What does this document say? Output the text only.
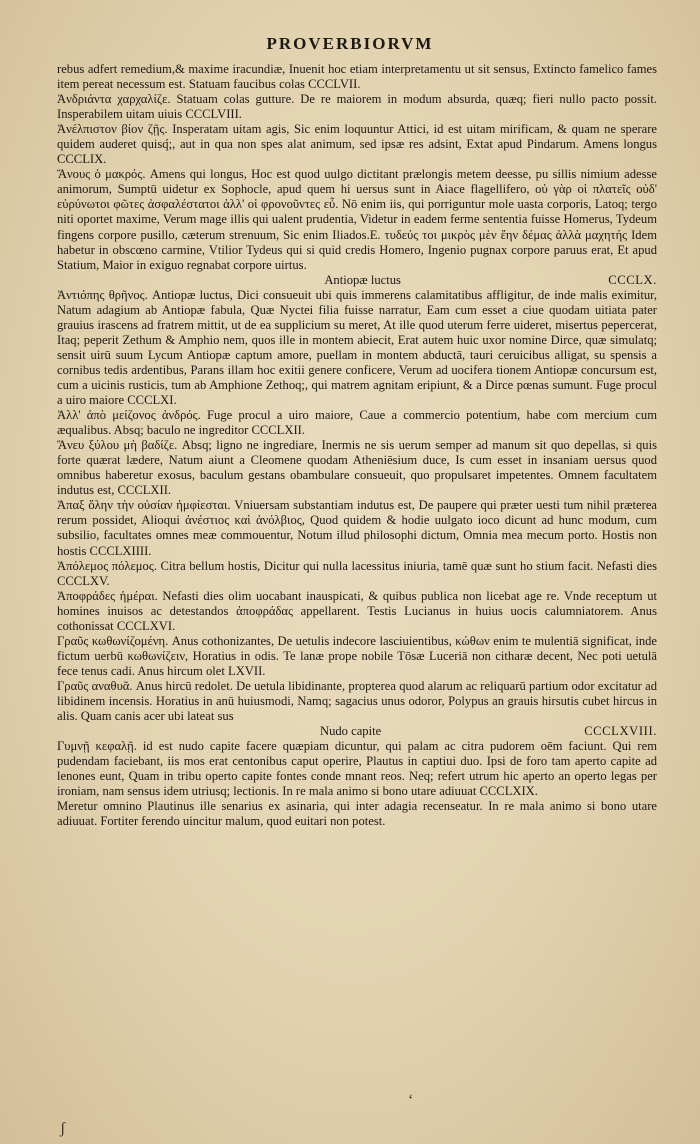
PROVERBIORVM

rebus adfert remedium,& maxime iracundiæ, Inuenit hoc etiam interpretamentu ut sit sensus, Extincto famelico fames item pereat necessum est. Statuam faucibus colas CCCLVII.

Ἀνδριάντα χαρχαλίζε. Statuam colas gutture. De re maiorem in modum absurda, quæq; fieri nullo pacto possit. Insperabilem uitam uiuis CCCLVIII.

Ἀνέλπιστον βίον ζῇς. Insperatam uitam agis, Sic enim loquuntur Attici, id est uitam mirificam, & quam ne sperare quidem auderet quisq́;, aut in qua non spes alat animum, sed ipsæ res adsint, Extat apud Pindarum. Amens longus CCCLIX.

Ἄνους ὁ μακρός. Amens qui longus, Hoc est quod uulgo dictitant prælongis metem deesse, pu sillis nimium adesse animorum, Sumptū uidetur ex Sophocle, apud quem hi uersus sunt in Aiace flagellifero, οὐ γὰρ οἱ πλατεῖς οὐδ' εὐρύνωτοι φῶτες ἀσφαλέστατοι ἀλλ' οἱ φρονοῦντες εὖ. Nō enim iis, qui porriguntur mole uasta corporis, Latoq; tergo niti oportet maxime, Verum mage illis qui ualent prudentia, Videtur in eadem ferme sententia fuisse Homerus, Tydeum fingens corpore pusillo, cæterum strenuum, Sic enim Iliados.E. τυδεύς τοι μικρὸς μὲν ἔην δέμας ἀλλὰ μαχητής Idem habetur in obscœno carmine, Vtilior Tydeus qui si quid credis Homero, Ingenio pugnax corpore paruus erat, Et apud Statium, Maior in exiguo regnabat corpore uirtus.

Antiopæ luctus	CCCLX.

Ἀντιόπης θρῆνος. Antiopæ luctus, Dici consueuit ubi quis immerens calamitatibus affligitur, de inde malis eximitur, Natum adagium ab Antiopæ fabula, Quæ Nyctei filia fuisse narratur, Eam cum esset a ciue quodam uitiata pater grauius irascens ad fratrem mittit, ut de ea supplicium su meret, At ille quod uterum ferre uideret, misertus pepercerat, Itaq; peperit Zethum & Amphio nem, quos ille in montem abiecit, Erat autem huic uxor nomine Dirce, quæ simulatq; sensit uirū suum Lycum Antiopæ captum amore, puellam in montem abductā, tauri ceruicibus alligat, su spensis a cornibus tedis ardentibus, Parans illam hoc exitii genere conficere, Verum ad uocifera tionem Antiopæ concursum est, cum a uicinis rusticis, tum ab Amphione Zethoq;, qui matrem agnitam eripiunt, & a Dirce pœnas sumunt. Fuge procul a uiro maiore CCCLXI.

Ἀλλ' ἀπὸ μείζονος ἀνδρός. Fuge procul a uiro maiore, Caue a commercio potentium, habe com mercium cum æqualibus. Absq; baculo ne ingreditor CCCLXII.

Ἄνευ ξύλου μὴ βαδίζε. Absq; ligno ne ingrediare, Inermis ne sis uerum semper ad manum sit quo depellas, si quis forte quærat lædere, Natum aiunt a Cleomene quodam Atheniēsium duce, Is cum esset in insaniam uersus quod omnibus haberetur exosus, baculum gestans obambulare consueuit, quo propulsaret impetentes. Omnem facultatem indutus est, CCCLXII.

Ἀπαξ ὅλην τὴν οὐσίαν ἠμφίεσται. Vniuersam substantiam indutus est, De paupere qui præter uesti tum nihil præterea rerum possidet, Alioqui ἀνέστιος καὶ ἀνόλβιος, Quod quidem & hodie uulgato ioco dicunt ad hunc modum, cum subsilio, facultates omnes meæ commouentur, Notum illud philosophi dictum, Omnia mea mecum porto. Hostis non hostis CCCLXIIII.

Ἀπόλεμος πόλεμος. Citra bellum hostis, Dicitur qui nulla lacessitus iniuria, tamē quæ sunt ho stium facit. Nefasti dies CCCLXV.

Ἀποφράδες ἡμέραι. Nefasti dies olim uocabant inauspicati, & quibus publica non licebat age re. Vnde receptum ut homines inuisos ac detestandos ἀποφράδας appellarent. Testis Lucianus in huius uocis calumniatorem. Anus cothonissat CCCLXVI.

Γραῦς κωθωνίζομένη. Anus cothonizantes, De uetulis indecore lasciuientibus, κώθων enim te mulentiā significat, inde fictum uerbū κωθωνίζειν, Horatius in odis. Te lanæ prope nobile Tōsæ Luceriā non citharæ decent, Nec poti uetulā fece tenus cadi. Anus hircum olet LXVII.

Γραῦς αναθυᾶ. Anus hircū redolet. De uetula libidinante, propterea quod alarum ac reliquarū partium odor excitatur ad libidinem incensis. Horatius in anū huiusmodi, Namq; sagacius unus odoror, Polypus an grauis hirsutis cubet hircus in alis. Quam canis acer ubi lateat sus

Nudo capite	CCCLXVIII.

Γυμνῇ κεφαλῇ. id est nudo capite facere quæpiam dicuntur, qui palam ac citra pudorem oēm faciunt. Qui rem pudendam faciebant, iis mos erat centonibus caput operire, Plautus in captiui duo. Ipsi de foro tam aperto capite ad lenones eunt, Quam in tribu operto capite fontes conde mnant reos. Neq; refert utrum hic aperto an operto legas per ironiam, nam sensus idem utriusq; lectionis. In re mala animo si bono utare adiuuat CCCLXIX.

Meretur omnino Plautinus ille senarius ex asinaria, qui inter adagia recenseatur. In re mala animo si bono utare adiuuat. Fortiter ferendo uincitur malum, quod euitari non potest.

ʻ
ʃ
